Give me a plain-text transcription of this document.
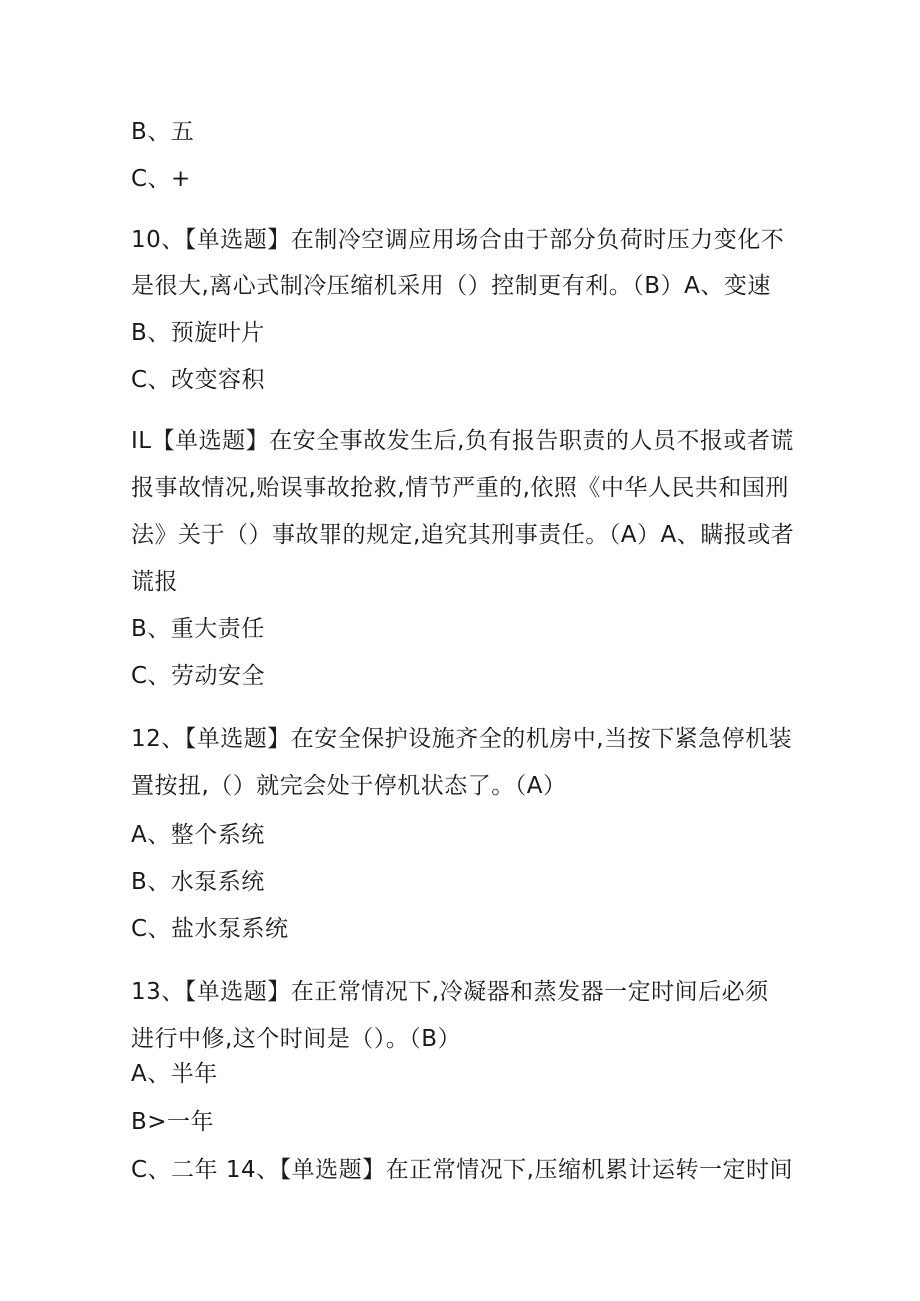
B、五
C、+
10、【单选题】在制冷空调应用场合由于部分负荷时压力变化不
是很大,离心式制冷压缩机采用（）控制更有利。（B）A、变速
B、预旋叶片
C、改变容积
IL【单选题】在安全事故发生后,负有报告职责的人员不报或者谎
报事故情况,贻误事故抢救,情节严重的,依照《中华人民共和国刑
法》关于（）事故罪的规定,追究其刑事责任。（A）A、瞒报或者
谎报
B、重大责任
C、劳动安全
12、【单选题】在安全保护设施齐全的机房中,当按下紧急停机装
置按扭,（）就完会处于停机状态了。（A）
A、整个系统
B、水泵系统
C、盐水泵系统
13、【单选题】在正常情况下,冷凝器和蒸发器一定时间后必须
进行中修,这个时间是（）。（B）
A、半年
B>一年
C、二年 14、【单选题】在正常情况下,压缩机累计运转一定时间
